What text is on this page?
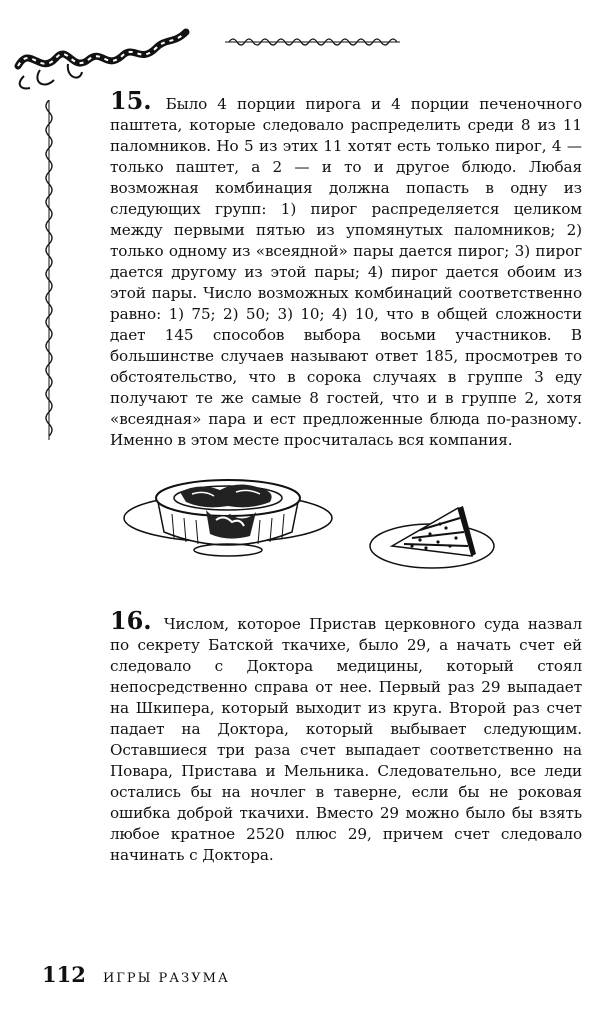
15. Было 4 порции пирога и 4 порции печеночного паштета, которые следовало распределить среди 8 из 11 паломников. Но 5 из этих 11 хотят есть только пирог, 4 — только паштет, а 2 — и то и другое блюдо. Любая возможная комбинация должна попасть в одну из следующих групп: 1) пирог распределяется целиком между первыми пятью из упомянутых паломников; 2) только одному из «всеядной» пары дается пирог; 3) пирог дается другому из этой пары; 4) пирог дается обоим из этой пары. Число возможных комбинаций соответственно равно: 1) 75; 2) 50; 3) 10; 4) 10, что в общей сложности дает 145 способов выбора восьми участников. В большинстве случаев называют ответ 185, просмотрев то обстоятельство, что в сорока случаях в группе 3 еду получают те же самые 8 гостей, что и в группе 2, хотя «всеядная» пара и ест предложенные блюда по-разному. Именно в этом месте просчиталась вся компания.

16. Числом, которое Пристав церковного суда назвал по секрету Батской ткачихе, было 29, а начать счет ей следовало с Доктора медицины, который стоял непосредственно справа от нее. Первый раз 29 выпадает на Шкипера, который выходит из круга. Второй раз счет падает на Доктора, который выбывает следующим. Оставшиеся три раза счет выпадает соответственно на Повара, Пристава и Мельника. Следовательно, все леди остались бы на ночлег в таверне, если бы не роковая ошибка доброй ткачихи. Вместо 29 можно было бы взять любое кратное 2520 плюс 29, причем счет следовало начинать с Доктора.

112 ИГРЫ РАЗУМА
